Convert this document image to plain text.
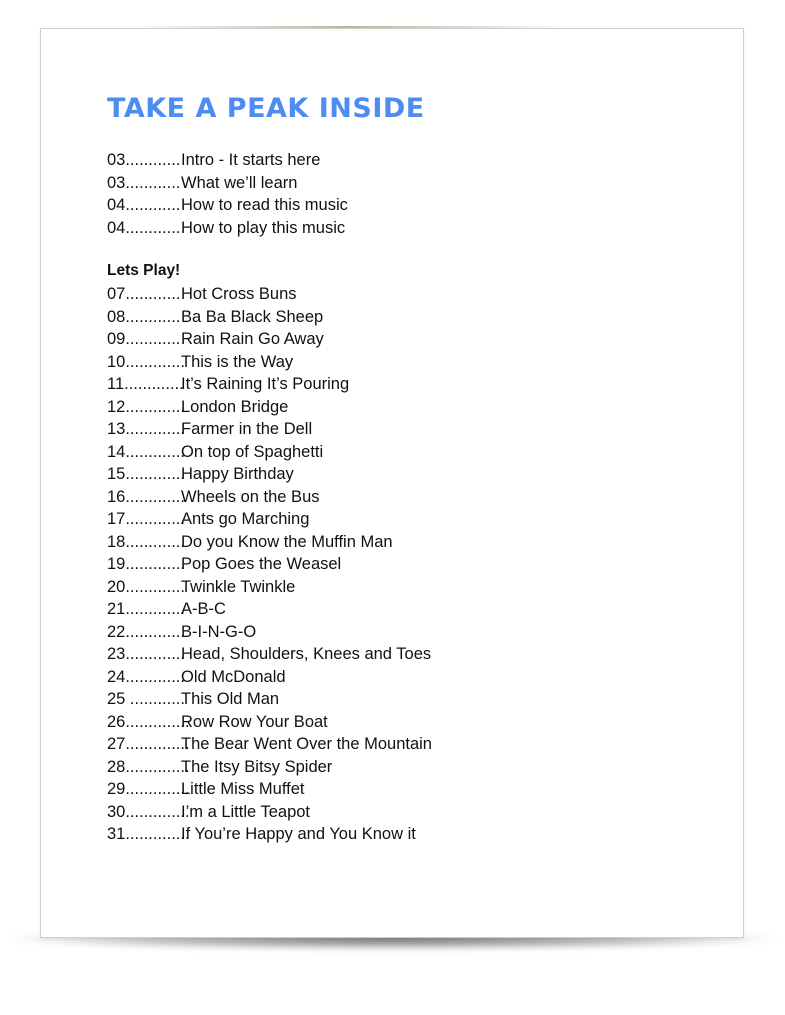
TAKE A PEAK INSIDE
03............ Intro - It starts here
03............ What we’ll learn
04............ How to read this music
04............ How to play this music
Lets Play!
07............ Hot Cross Buns
08............ Ba Ba Black Sheep
09............ Rain Rain Go Away
10.............
This is the Way
11.............
It’s Raining It’s Pouring
12.............
London Bridge
13.............
Farmer in the Dell
14.............
On top of Spaghetti
15.............
Happy Birthday
16.............
Wheels on the Bus
17.............
Ants go Marching
18.............
Do you Know the Muffin Man
19.............
Pop Goes the Weasel
20.............
Twinkle Twinkle
21.............
A-B-C
22.............
B-I-N-G-O
23.............
Head, Shoulders, Knees and Toes
24.............
Old McDonald
25 ............
This Old Man
26..............
Row Row Your Boat
27..............
The Bear Went Over the Mountain
28..............
The Itsy Bitsy Spider
29..............
Little Miss Muffet
30..............
I’m a Little Teapot
31..............
If You’re Happy and You Know it
